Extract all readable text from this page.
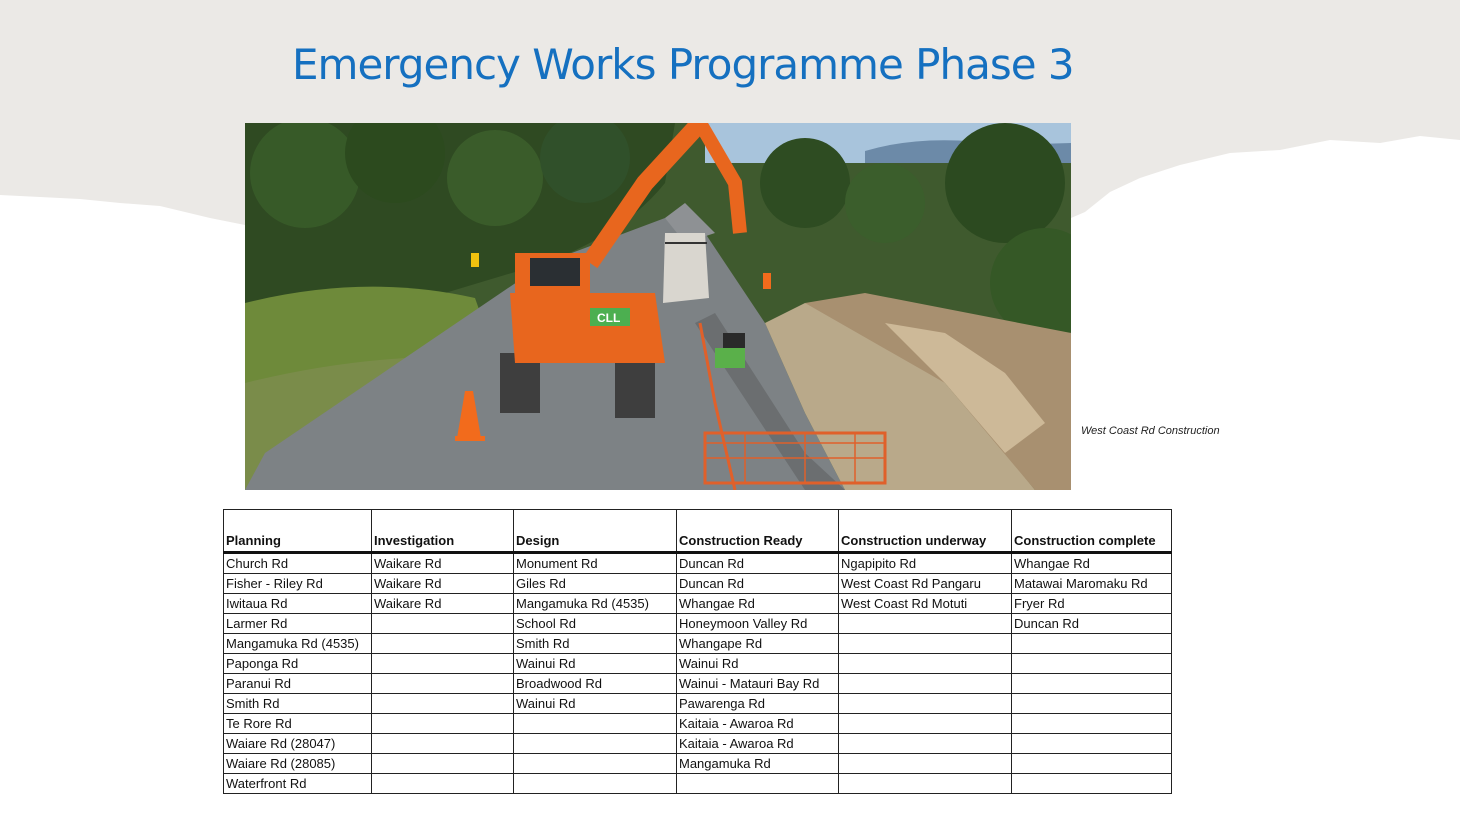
Emergency Works Programme Phase 3
CLL
West Coast Rd Construction
Planning	Investigation	Design	Construction Ready	Construction underway	Construction complete
Church Rd	Waikare Rd	Monument Rd	Duncan Rd	Ngapipito Rd	Whangae Rd
Fisher - Riley Rd	Waikare Rd	Giles Rd	Duncan Rd	West Coast Rd Pangaru	Matawai Maromaku Rd
Iwitaua Rd	Waikare Rd	Mangamuka Rd (4535)	Whangae Rd	West Coast Rd Motuti	Fryer Rd
Larmer Rd		School Rd	Honeymoon Valley Rd		Duncan Rd
Mangamuka Rd (4535)		Smith Rd	Whangape Rd		
Paponga Rd		Wainui Rd	Wainui Rd		
Paranui Rd		Broadwood Rd	Wainui - Matauri Bay Rd		
Smith Rd		Wainui Rd	Pawarenga Rd		
Te Rore Rd			Kaitaia - Awaroa Rd		
Waiare Rd (28047)			Kaitaia - Awaroa Rd		
Waiare Rd (28085)			Mangamuka Rd		
Waterfront Rd					
